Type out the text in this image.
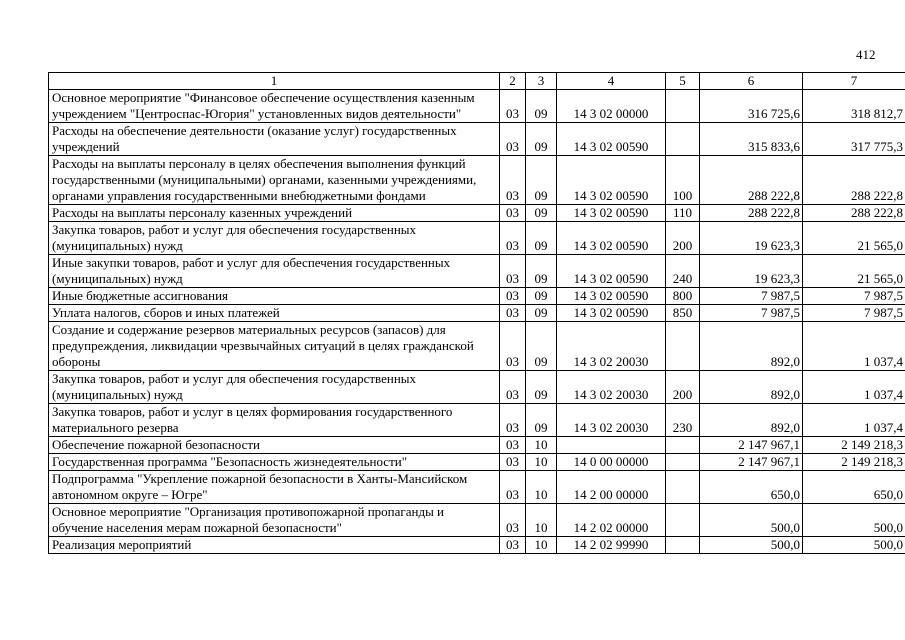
412
1	2	3	4	5	6	7
Основное мероприятие "Финансовое обеспечение осуществления казенным учреждением "Центроспас-Югория" установленных видов деятельности"	03	09	14 3 02 00000		316 725,6	318 812,7
Расходы на обеспечение деятельности (оказание услуг) государственных учреждений	03	09	14 3 02 00590		315 833,6	317 775,3
Расходы на выплаты персоналу в целях обеспечения выполнения функций государственными (муниципальными) органами, казенными учреждениями, органами управления государственными внебюджетными фондами	03	09	14 3 02 00590	100	288 222,8	288 222,8
Расходы на выплаты персоналу казенных учреждений	03	09	14 3 02 00590	110	288 222,8	288 222,8
Закупка товаров, работ и услуг для обеспечения государственных (муниципальных) нужд	03	09	14 3 02 00590	200	19 623,3	21 565,0
Иные закупки товаров, работ и услуг для обеспечения государственных (муниципальных) нужд	03	09	14 3 02 00590	240	19 623,3	21 565,0
Иные бюджетные ассигнования	03	09	14 3 02 00590	800	7 987,5	7 987,5
Уплата налогов, сборов и иных платежей	03	09	14 3 02 00590	850	7 987,5	7 987,5
Создание и содержание резервов материальных ресурсов (запасов) для предупреждения, ликвидации чрезвычайных ситуаций в целях гражданской обороны	03	09	14 3 02 20030		892,0	1 037,4
Закупка товаров, работ и услуг для обеспечения государственных (муниципальных) нужд	03	09	14 3 02 20030	200	892,0	1 037,4
Закупка товаров, работ и услуг в целях формирования государственного материального резерва	03	09	14 3 02 20030	230	892,0	1 037,4
Обеспечение пожарной безопасности	03	10			2 147 967,1	2 149 218,3
Государственная программа "Безопасность жизнедеятельности"	03	10	14 0 00 00000		2 147 967,1	2 149 218,3
Подпрограмма "Укрепление пожарной безопасности в Ханты-Мансийском автономном округе – Югре"	03	10	14 2 00 00000		650,0	650,0
Основное мероприятие "Организация противопожарной пропаганды и обучение населения мерам пожарной безопасности"	03	10	14 2 02 00000		500,0	500,0
Реализация мероприятий	03	10	14 2 02 99990		500,0	500,0
